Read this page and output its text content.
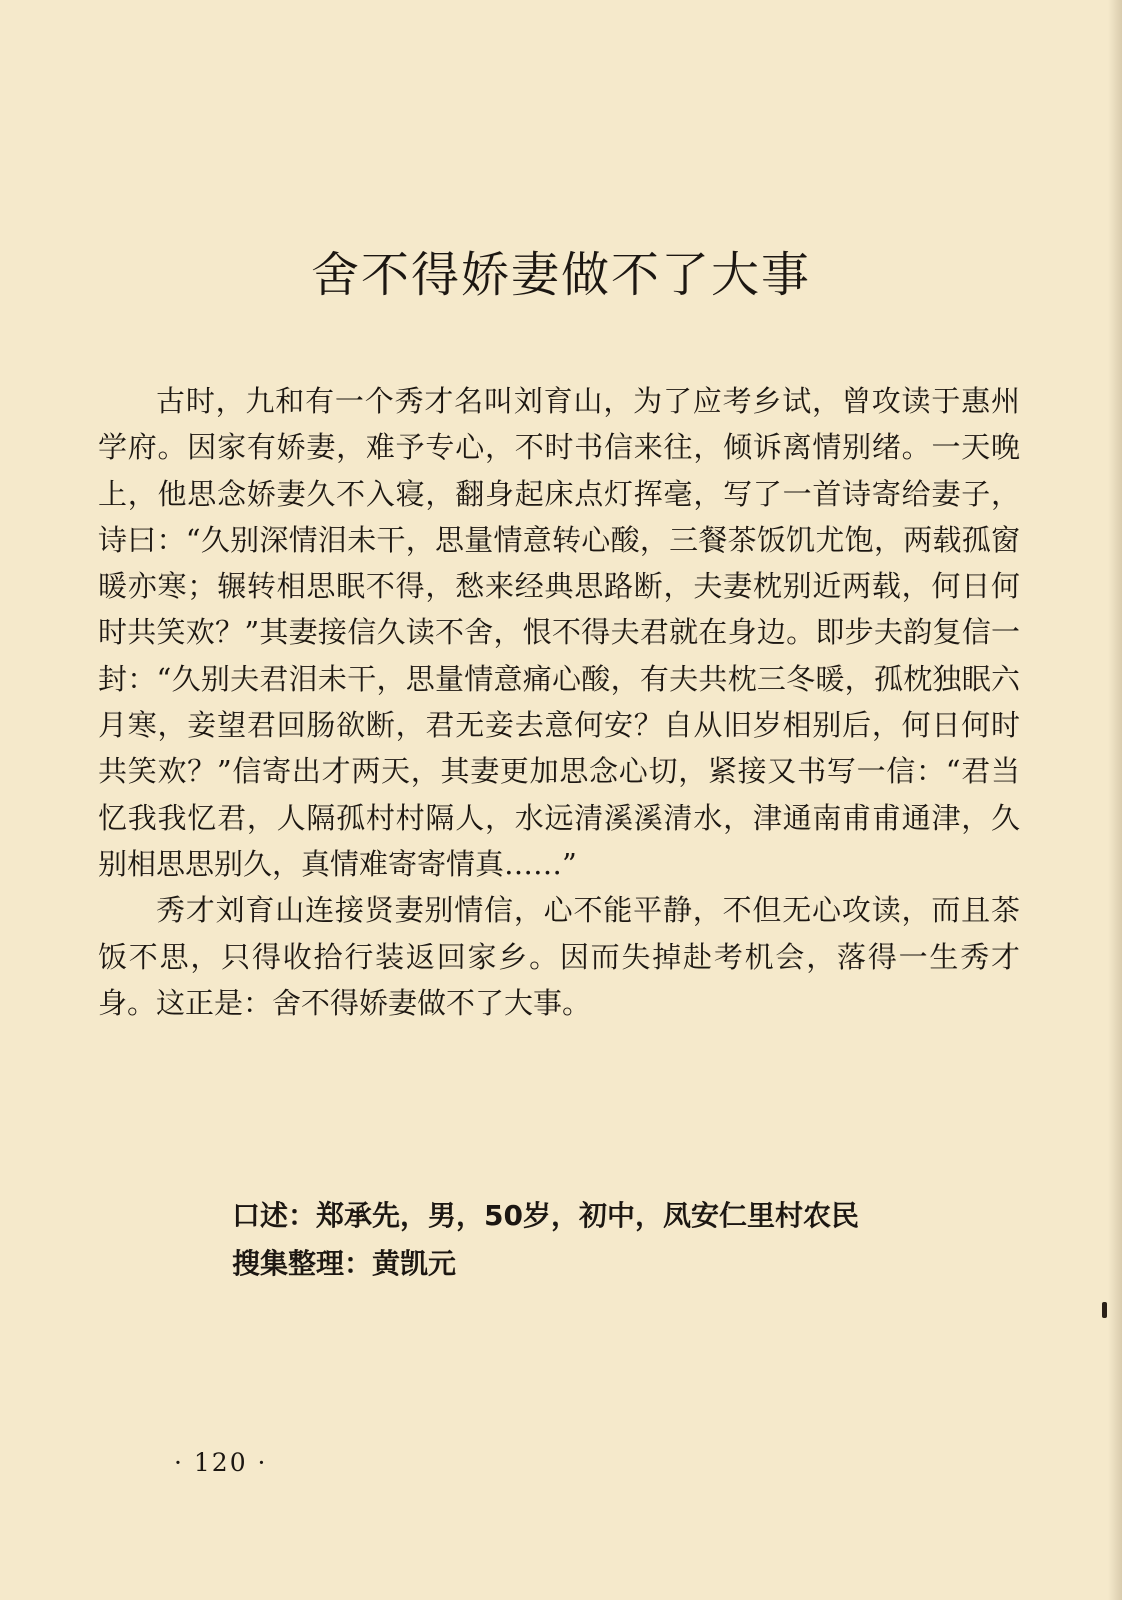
舍不得娇妻做不了大事

古时，九和有一个秀才名叫刘育山，为了应考乡试，曾攻读于惠州学府。因家有娇妻，难予专心，不时书信来往，倾诉离情别绪。一天晚上，他思念娇妻久不入寝，翻身起床点灯挥毫，写了一首诗寄给妻子，诗曰：“久别深情泪未干，思量情意转心酸，三餐茶饭饥尤饱，两载孤窗暖亦寒；辗转相思眠不得，愁来经典思路断，夫妻枕别近两载，何日何时共笑欢？”其妻接信久读不舍，恨不得夫君就在身边。即步夫韵复信一封：“久别夫君泪未干，思量情意痛心酸，有夫共枕三冬暖，孤枕独眠六月寒，妾望君回肠欲断，君无妾去意何安？自从旧岁相别后，何日何时共笑欢？”信寄出才两天，其妻更加思念心切，紧接又书写一信：“君当忆我我忆君，人隔孤村村隔人，水远清溪溪清水，津通南甫甫通津，久别相思思别久，真情难寄寄情真……”

秀才刘育山连接贤妻别情信，心不能平静，不但无心攻读，而且茶饭不思，只得收拾行装返回家乡。因而失掉赴考机会，落得一生秀才身。这正是：舍不得娇妻做不了大事。

口述：郑承先，男，50岁，初中，凤安仁里村农民
搜集整理：黄凯元
· 120 ·
